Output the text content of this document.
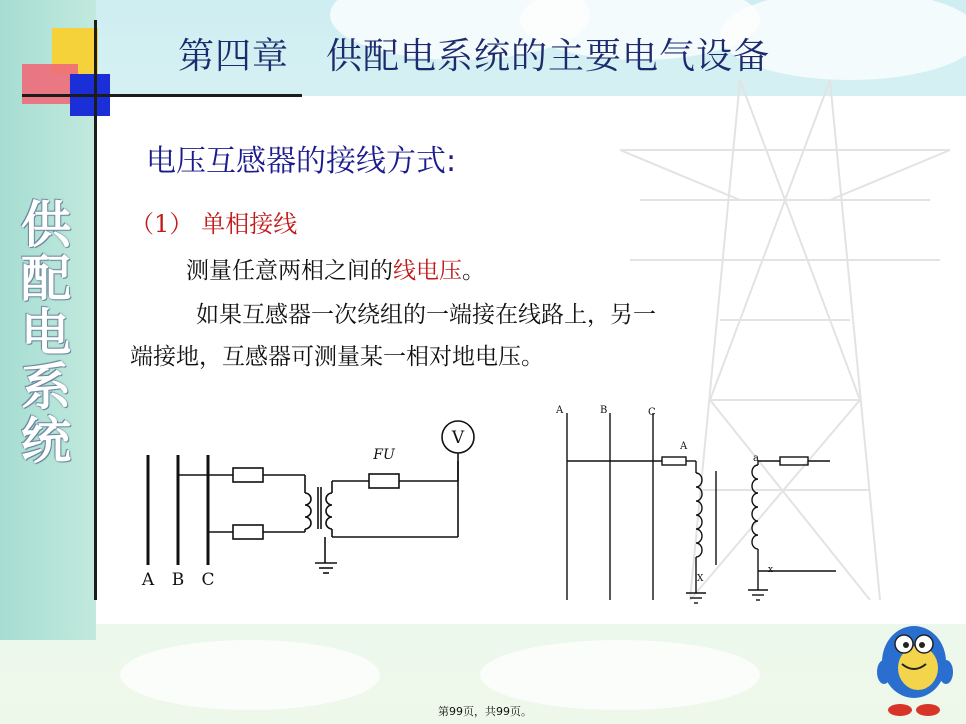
第四章　供配电系统的主要电气设备
供
配
电
系
统
电压互感器的接线方式:
（1） 单相接线
测量任意两相之间的线电压。
如果互感器一次绕组的一端接在线路上，另一
端接地，互感器可测量某一相对地电压。
V
FU
A B C
A	B	C
A
X
a
x
第99页，共99页。
